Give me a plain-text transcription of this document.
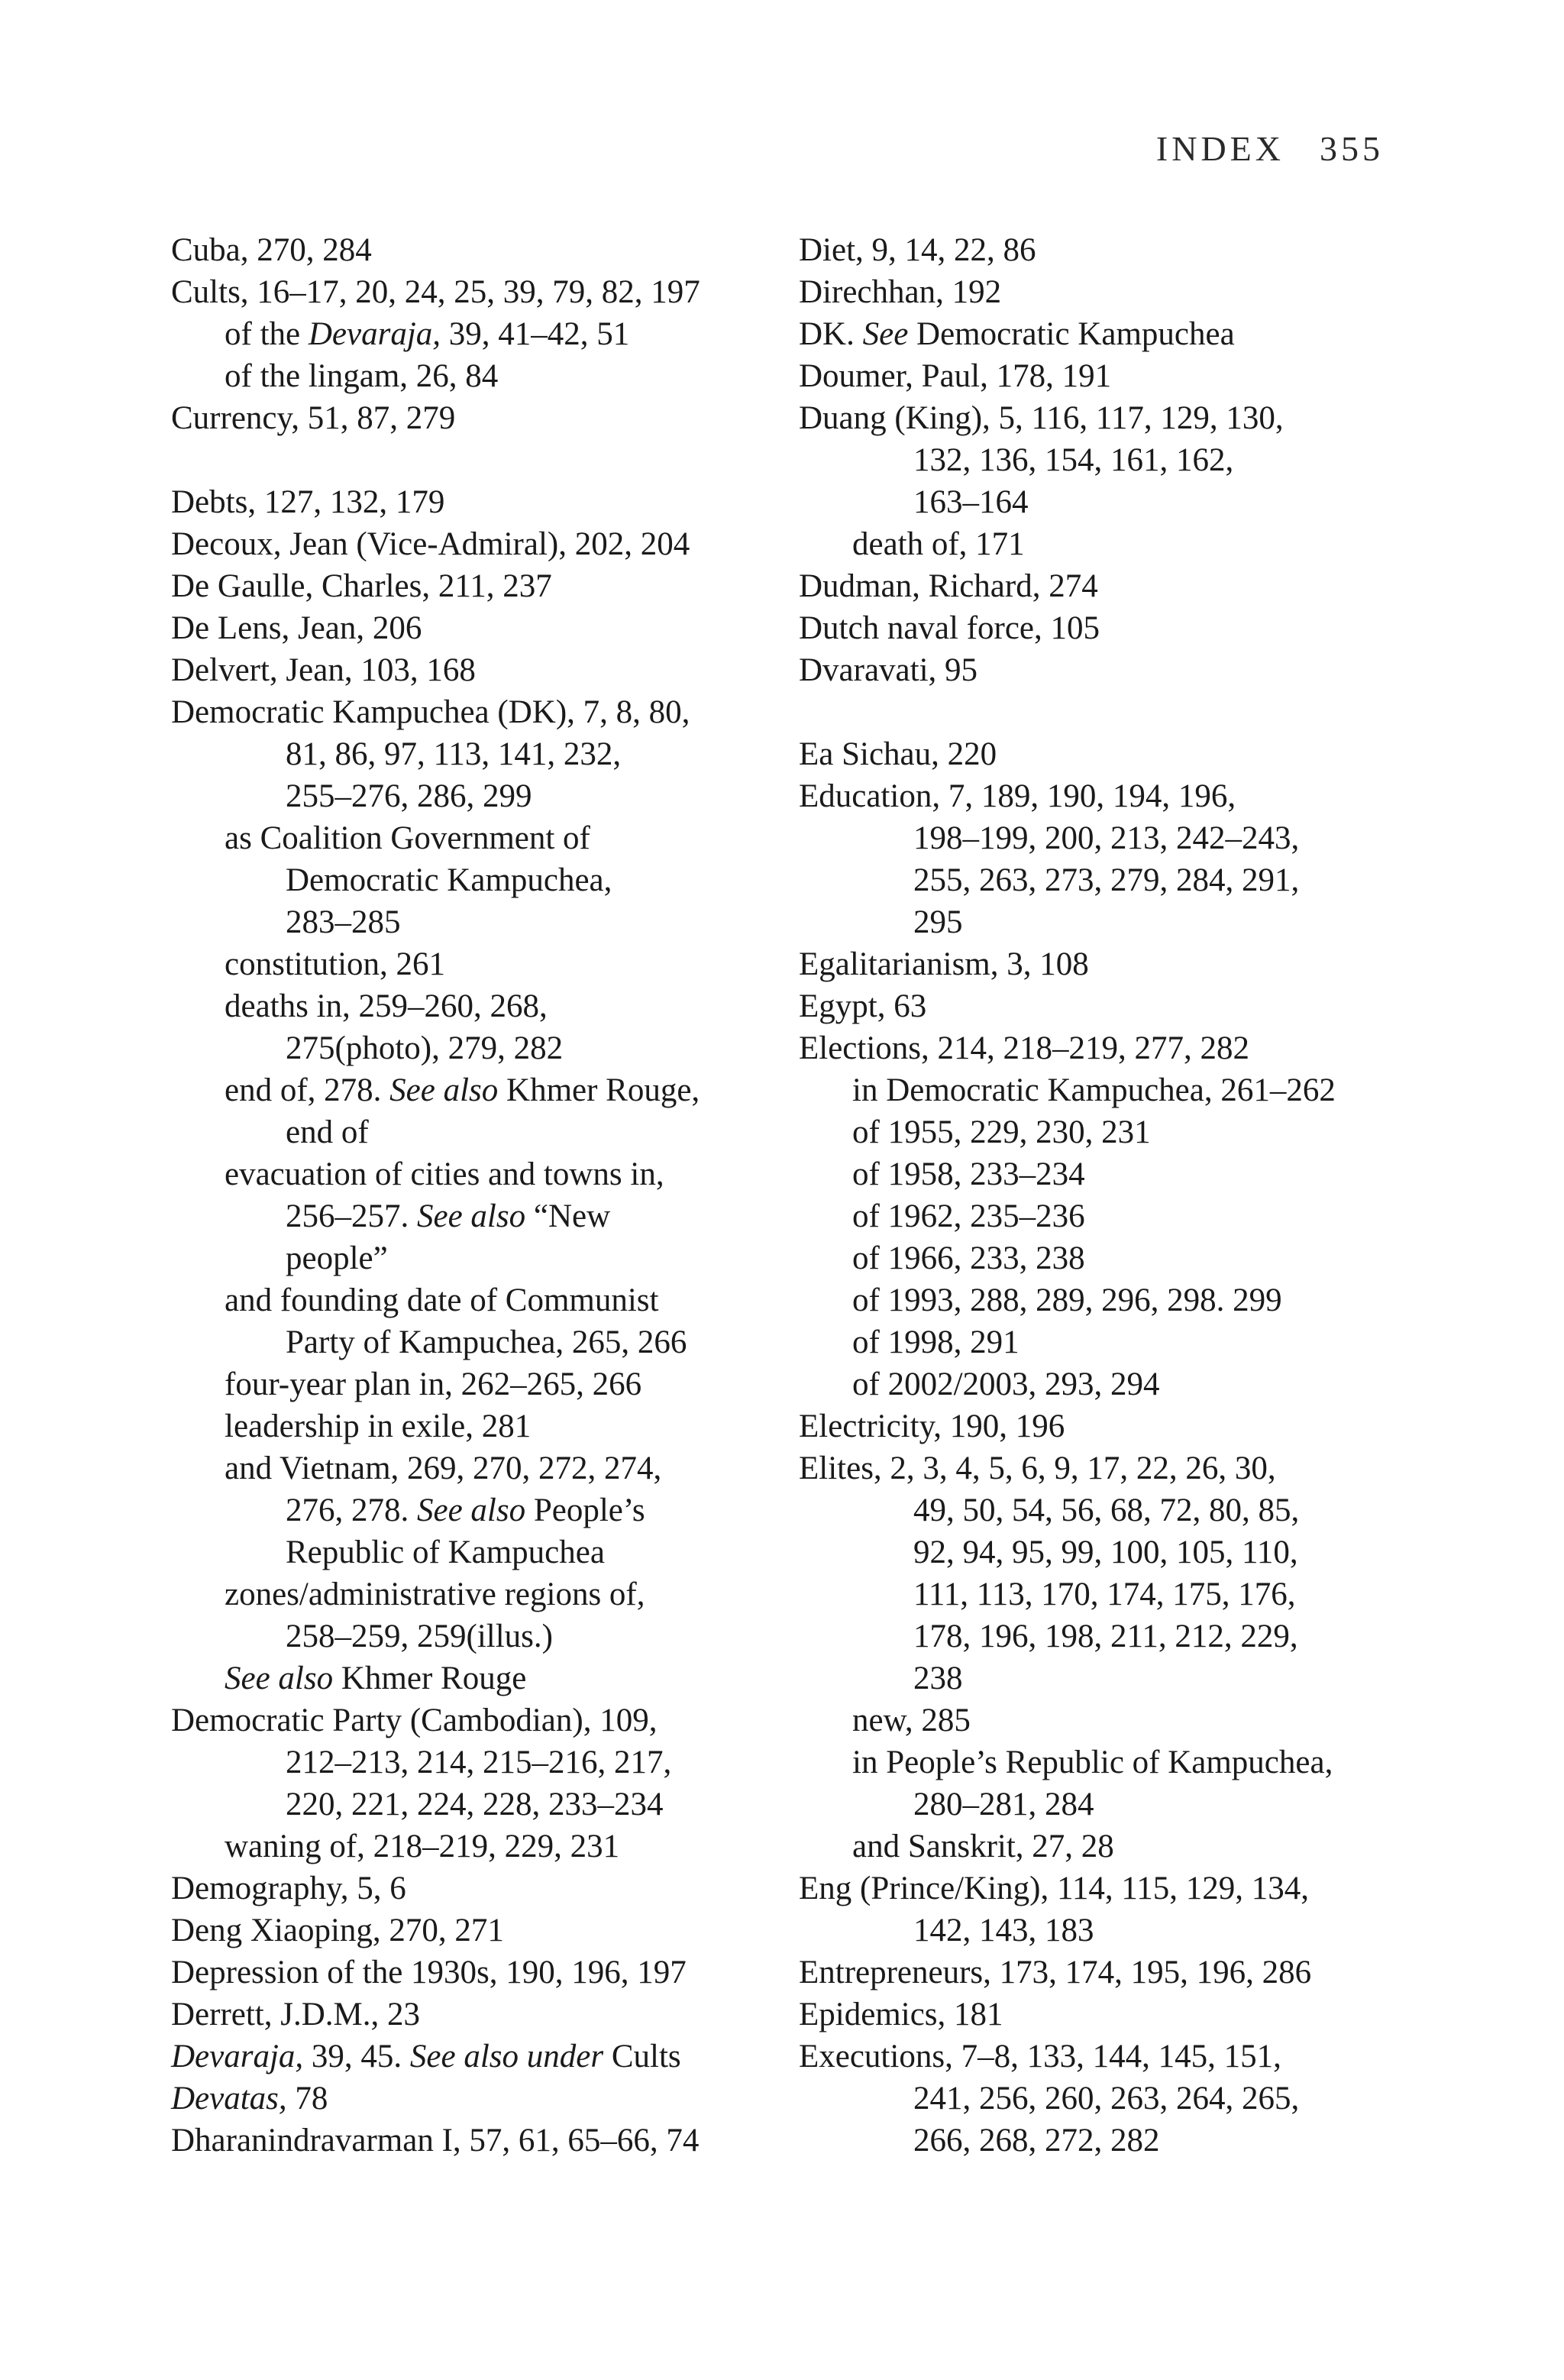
INDEX 355
Cuba, 270, 284
Cults, 16–17, 20, 24, 25, 39, 79, 82, 197
of the Devaraja, 39, 41–42, 51
of the lingam, 26, 84
Currency, 51, 87, 279
Debts, 127, 132, 179
Decoux, Jean (Vice-Admiral), 202, 204
De Gaulle, Charles, 211, 237
De Lens, Jean, 206
Delvert, Jean, 103, 168
Democratic Kampuchea (DK), 7, 8, 80,
81, 86, 97, 113, 141, 232,
255–276, 286, 299
as Coalition Government of
Democratic Kampuchea,
283–285
constitution, 261
deaths in, 259–260, 268,
275(photo), 279, 282
end of, 278. See also Khmer Rouge,
end of
evacuation of cities and towns in,
256–257. See also “New
people”
and founding date of Communist
Party of Kampuchea, 265, 266
four-year plan in, 262–265, 266
leadership in exile, 281
and Vietnam, 269, 270, 272, 274,
276, 278. See also People’s
Republic of Kampuchea
zones/administrative regions of,
258–259, 259(illus.)
See also Khmer Rouge
Democratic Party (Cambodian), 109,
212–213, 214, 215–216, 217,
220, 221, 224, 228, 233–234
waning of, 218–219, 229, 231
Demography, 5, 6
Deng Xiaoping, 270, 271
Depression of the 1930s, 190, 196, 197
Derrett, J.D.M., 23
Devaraja, 39, 45. See also under Cults
Devatas, 78
Dharanindravarman I, 57, 61, 65–66, 74
Diet, 9, 14, 22, 86
Direchhan, 192
DK. See Democratic Kampuchea
Doumer, Paul, 178, 191
Duang (King), 5, 116, 117, 129, 130,
132, 136, 154, 161, 162,
163–164
death of, 171
Dudman, Richard, 274
Dutch naval force, 105
Dvaravati, 95
Ea Sichau, 220
Education, 7, 189, 190, 194, 196,
198–199, 200, 213, 242–243,
255, 263, 273, 279, 284, 291,
295
Egalitarianism, 3, 108
Egypt, 63
Elections, 214, 218–219, 277, 282
in Democratic Kampuchea, 261–262
of 1955, 229, 230, 231
of 1958, 233–234
of 1962, 235–236
of 1966, 233, 238
of 1993, 288, 289, 296, 298. 299
of 1998, 291
of 2002/2003, 293, 294
Electricity, 190, 196
Elites, 2, 3, 4, 5, 6, 9, 17, 22, 26, 30,
49, 50, 54, 56, 68, 72, 80, 85,
92, 94, 95, 99, 100, 105, 110,
111, 113, 170, 174, 175, 176,
178, 196, 198, 211, 212, 229,
238
new, 285
in People’s Republic of Kampuchea,
280–281, 284
and Sanskrit, 27, 28
Eng (Prince/King), 114, 115, 129, 134,
142, 143, 183
Entrepreneurs, 173, 174, 195, 196, 286
Epidemics, 181
Executions, 7–8, 133, 144, 145, 151,
241, 256, 260, 263, 264, 265,
266, 268, 272, 282
